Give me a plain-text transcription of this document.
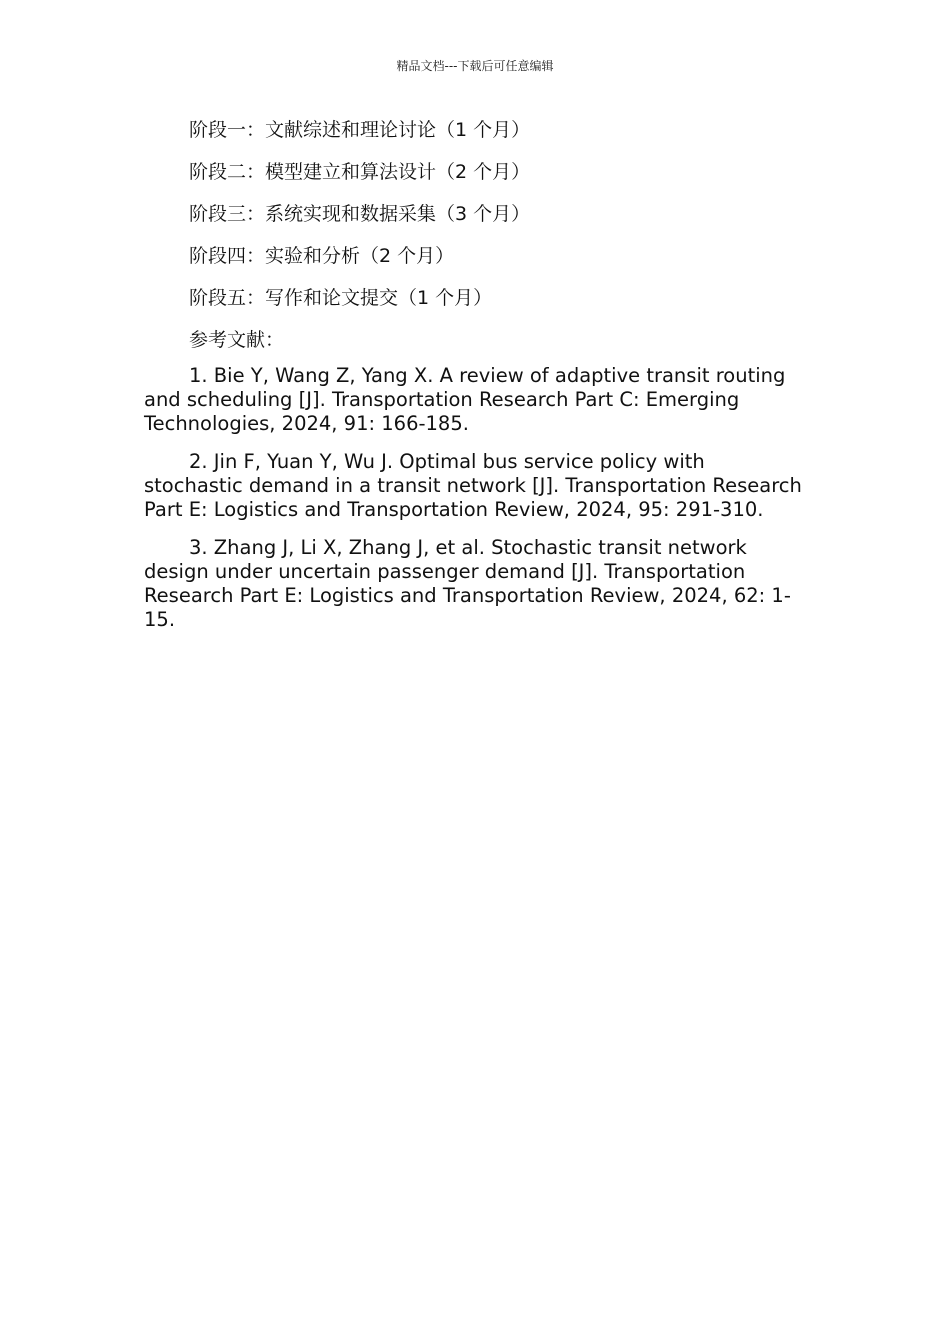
精品文档---下载后可任意编辑
阶段一：文献综述和理论讨论（1 个月）
阶段二：模型建立和算法设计（2 个月）
阶段三：系统实现和数据采集（3 个月）
阶段四：实验和分析（2 个月）
阶段五：写作和论文提交（1 个月）
参考文献：
1. Bie Y, Wang Z, Yang X. A review of adaptive transit routing and scheduling [J]. Transportation Research Part C: Emerging Technologies, 2024, 91: 166-185.
2. Jin F, Yuan Y, Wu J. Optimal bus service policy with stochastic demand in a transit network [J]. Transportation Research Part E: Logistics and Transportation Review, 2024, 95: 291-310.
3. Zhang J, Li X, Zhang J, et al. Stochastic transit network design under uncertain passenger demand [J]. Transportation Research Part E: Logistics and Transportation Review, 2024, 62: 1-15.
